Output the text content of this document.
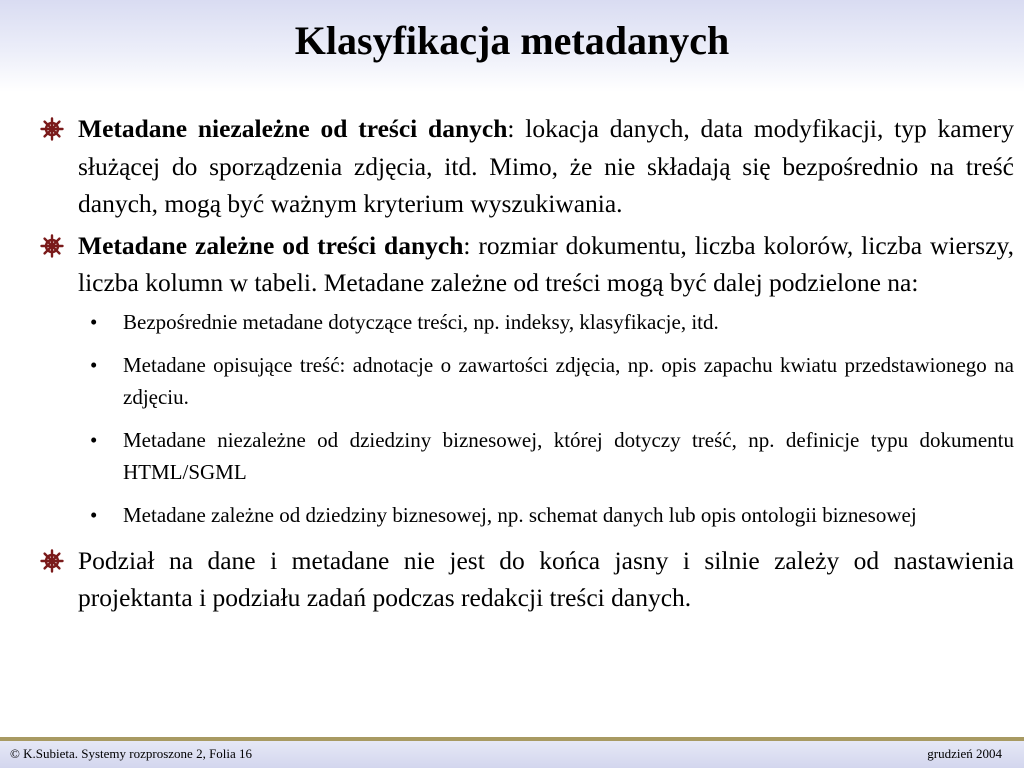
Klasyfikacja metadanych
Metadane niezależne od treści danych: lokacja danych, data modyfikacji, typ kamery służącej do sporządzenia zdjęcia, itd. Mimo, że nie składają się bezpośrednio na treść danych, mogą być ważnym kryterium wyszukiwania.
Metadane zależne od treści danych: rozmiar dokumentu, liczba kolorów, liczba wierszy, liczba kolumn w tabeli. Metadane zależne od treści mogą być dalej podzielone na:
• Bezpośrednie metadane dotyczące treści, np. indeksy, klasyfikacje, itd.
• Metadane opisujące treść: adnotacje o zawartości zdjęcia, np. opis zapachu kwiatu przedstawionego na zdjęciu.
• Metadane niezależne od dziedziny biznesowej, której dotyczy treść, np. definicje typu dokumentu HTML/SGML
• Metadane zależne od dziedziny biznesowej, np. schemat danych lub opis ontologii biznesowej
Podział na dane i metadane nie jest do końca jasny i silnie zależy od nastawienia projektanta i podziału zadań podczas redakcji treści danych.
© K.Subieta. Systemy rozproszone 2, Folia 16	grudzień 2004
